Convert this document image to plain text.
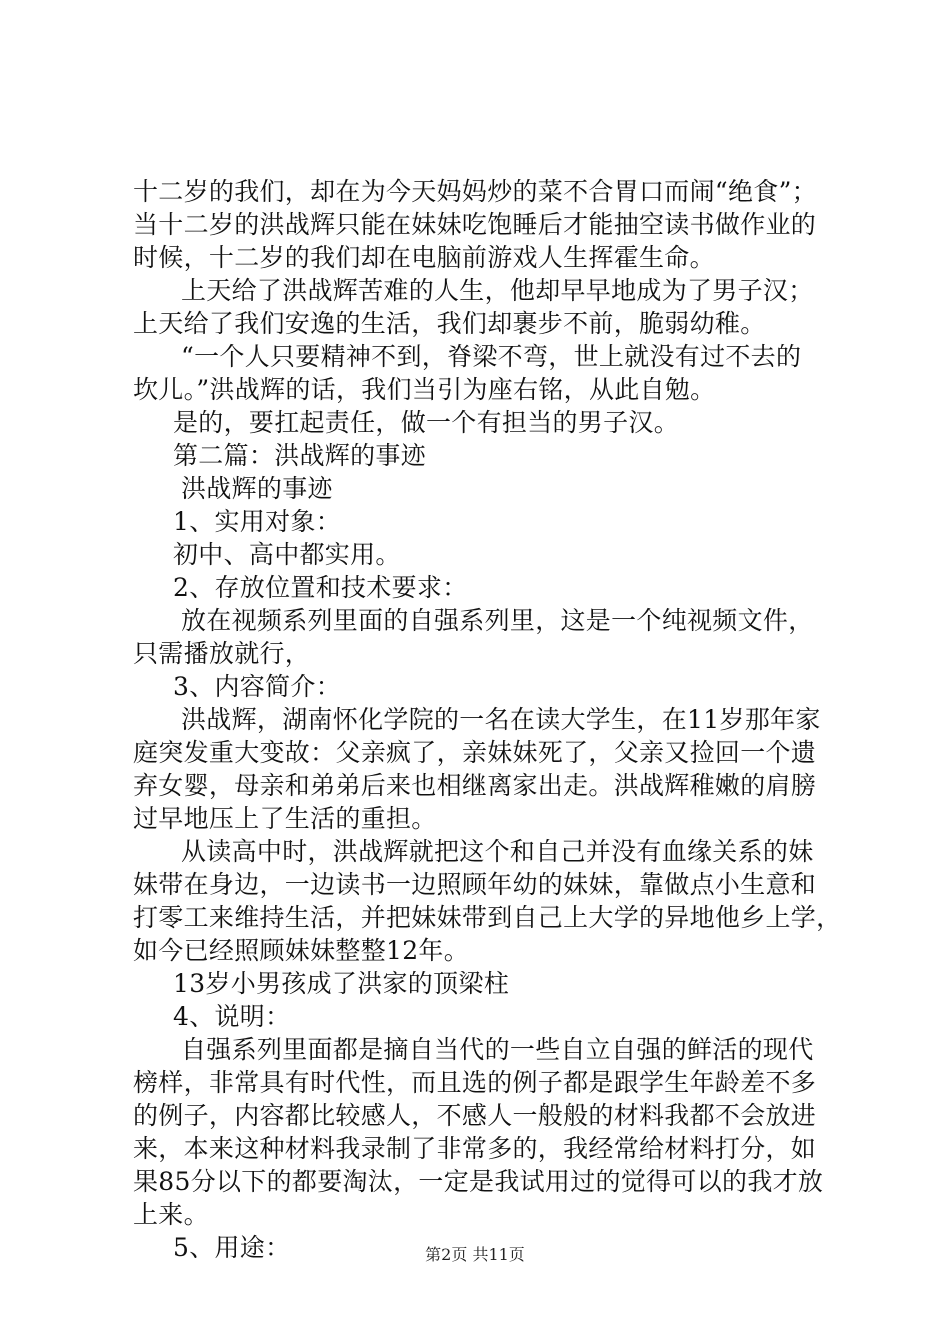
十二岁的我们，却在为今天妈妈炒的菜不合胃口而闹“绝食”；
当十二岁的洪战辉只能在妹妹吃饱睡后才能抽空读书做作业的
时候，十二岁的我们却在电脑前游戏人生挥霍生命。
上天给了洪战辉苦难的人生，他却早早地成为了男子汉；
上天给了我们安逸的生活，我们却裹步不前，脆弱幼稚。
“一个人只要精神不到，脊梁不弯，世上就没有过不去的
坎儿。”洪战辉的话，我们当引为座右铭，从此自勉。
是的，要扛起责任，做一个有担当的男子汉。
第二篇：洪战辉的事迹
洪战辉的事迹
1、实用对象：
初中、高中都实用。
2、存放位置和技术要求：
放在视频系列里面的自强系列里，这是一个纯视频文件，
只需播放就行，
3、内容简介：
洪战辉，湖南怀化学院的一名在读大学生，在11岁那年家
庭突发重大变故：父亲疯了，亲妹妹死了，父亲又捡回一个遗
弃女婴，母亲和弟弟后来也相继离家出走。洪战辉稚嫩的肩膀
过早地压上了生活的重担。
从读高中时，洪战辉就把这个和自己并没有血缘关系的妹
妹带在身边，一边读书一边照顾年幼的妹妹，靠做点小生意和
打零工来维持生活，并把妹妹带到自己上大学的异地他乡上学，
如今已经照顾妹妹整整12年。
13岁小男孩成了洪家的顶梁柱
4、说明：
自强系列里面都是摘自当代的一些自立自强的鲜活的现代
榜样，非常具有时代性，而且选的例子都是跟学生年龄差不多
的例子，内容都比较感人，不感人一般般的材料我都不会放进
来，本来这种材料我录制了非常多的，我经常给材料打分，如
果85分以下的都要淘汰，一定是我试用过的觉得可以的我才放
上来。
5、用途：	第2页 共11页
